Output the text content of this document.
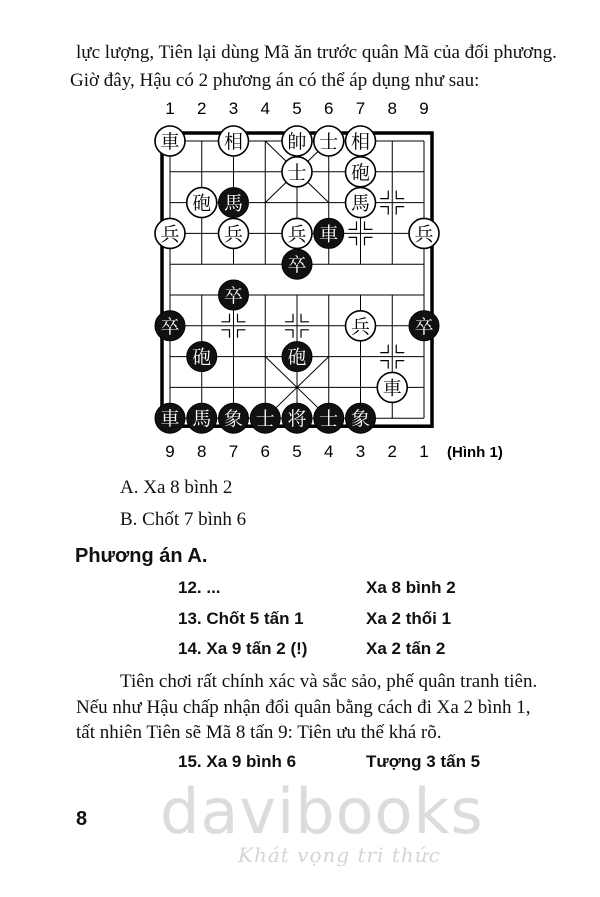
lực lượng, Tiên lại dùng Mã ăn trước quân Mã của đối phương.
Giờ đây, Hậu có 2 phương án có thể áp dụng như sau:
1 2 3 4 5 6 7 8 9
車 相 帥 士 相
士 砲
砲 馬	馬
兵 兵 兵 車	兵
卒
卒
卒	兵 卒
砲	砲
車
車 馬 象 士 将 士 象
9 8 7 6 5 4 3 2 1 (Hình 1)
A. Xa 8 bình 2
B. Chốt 7 bình 6
Phương án A.
12. ...	Xa 8 bình 2
13. Chốt 5 tấn 1	Xa 2 thối 1
14. Xa 9 tấn 2 (!)	Xa 2 tấn 2
Tiên chơi rất chính xác và sắc sảo, phế quân tranh tiên.
Nếu như Hậu chấp nhận đổi quân bằng cách đi Xa 2 bình 1,
tất nhiên Tiên sẽ Mã 8 tấn 9: Tiên ưu thế khá rõ.
15. Xa 9 bình 6	Tượng 3 tấn 5
davibooks
Khát vọng tri thức
8
